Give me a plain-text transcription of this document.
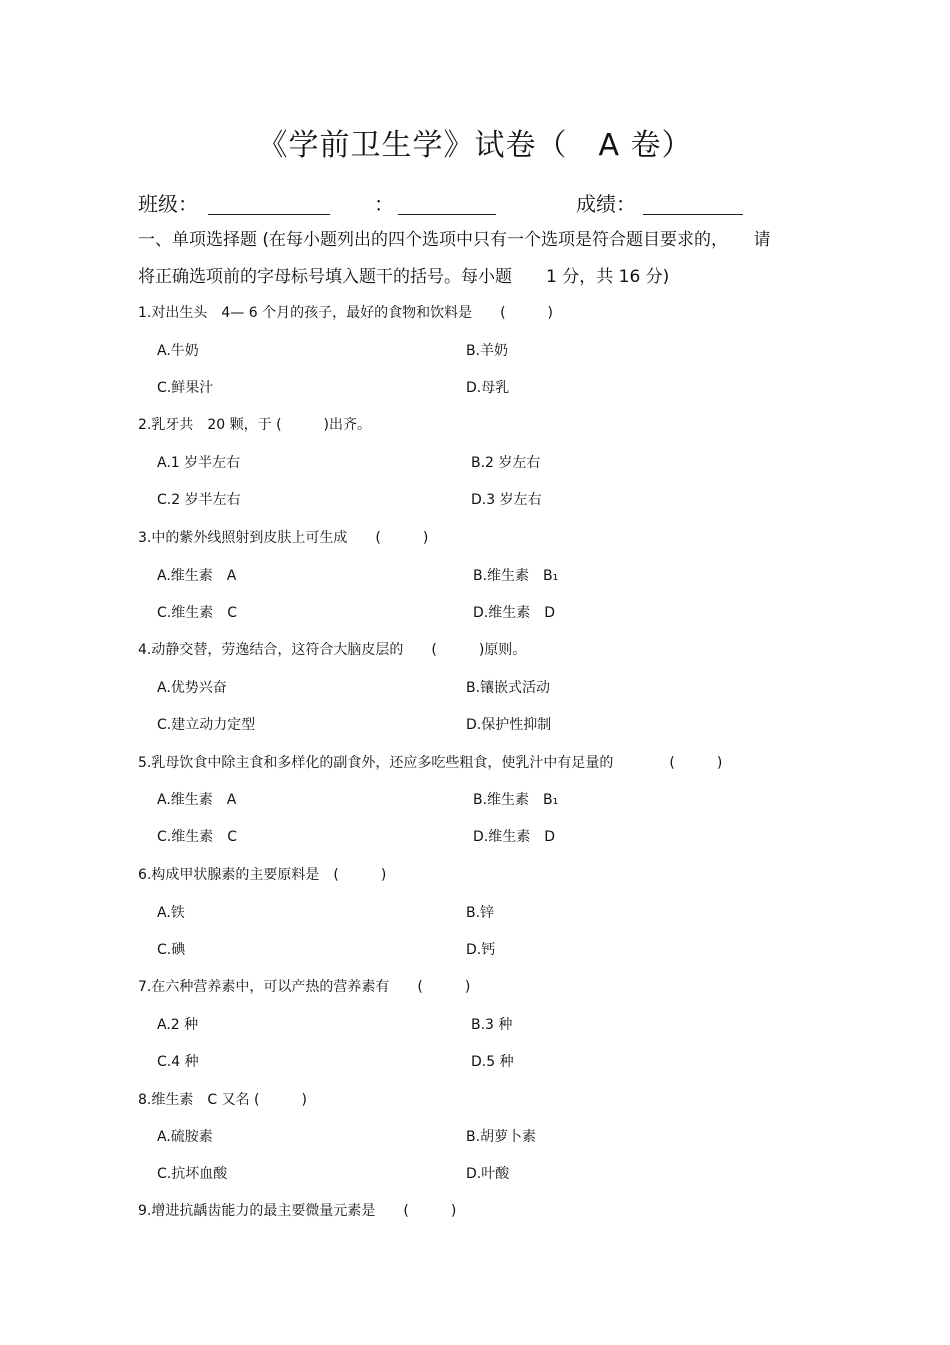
《学前卫生学》试卷（　A 卷）
班级：	：	成绩：
一、单项选择题 (在每小题列出的四个选项中只有一个选项是符合题目要求的，　　请
将正确选项前的字母标号填入题干的括号。每小题　　1 分，共 16 分)
1.对出生头　4— 6 个月的孩子，最好的食物和饮料是　　(　　　)
A.牛奶	B.羊奶
C.鲜果汁	D.母乳
2.乳牙共　20 颗，于 (　　　)出齐。
A.1 岁半左右	B.2 岁左右
C.2 岁半左右	D.3 岁左右
3.中的紫外线照射到皮肤上可生成　　(　　　)
A.维生素　A	B.维生素　B₁
C.维生素　C	D.维生素　D
4.动静交替，劳逸结合，这符合大脑皮层的　　(　　　)原则。
A.优势兴奋	B.镶嵌式活动
C.建立动力定型	D.保护性抑制
5.乳母饮食中除主食和多样化的副食外，还应多吃些粗食，使乳汁中有足量的　　　　(　　　)
A.维生素　A	B.维生素　B₁
C.维生素　C	D.维生素　D
6.构成甲状腺素的主要原料是　(　　　)
A.铁	B.锌
C.碘	D.钙
7.在六种营养素中，可以产热的营养素有　　(　　　)
A.2 种	B.3 种
C.4 种	D.5 种
8.维生素　C 又名 (　　　)
A.硫胺素	B.胡萝卜素
C.抗坏血酸	D.叶酸
9.增进抗龋齿能力的最主要微量元素是　　(　　　)
